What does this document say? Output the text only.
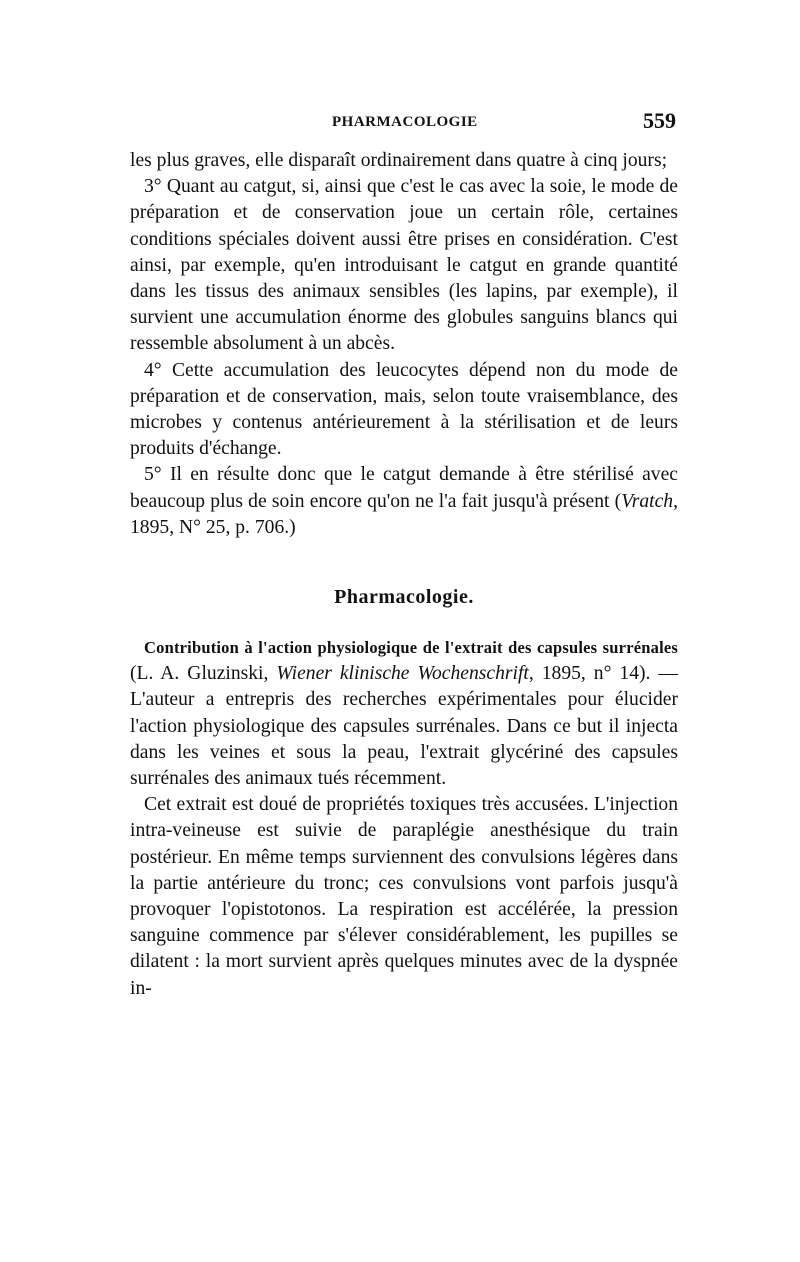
PHARMACOLOGIE	559

les plus graves, elle disparaît ordinairement dans quatre à cinq jours;

3° Quant au catgut, si, ainsi que c'est le cas avec la soie, le mode de préparation et de conservation joue un certain rôle, certaines conditions spéciales doivent aussi être prises en considération. C'est ainsi, par exemple, qu'en introduisant le catgut en grande quantité dans les tissus des animaux sensibles (les lapins, par exemple), il survient une accumulation énorme des globules sanguins blancs qui ressemble absolument à un abcès.

4° Cette accumulation des leucocytes dépend non du mode de préparation et de conservation, mais, selon toute vraisemblance, des microbes y contenus antérieurement à la stérilisation et de leurs produits d'échange.

5° Il en résulte donc que le catgut demande à être stérilisé avec beaucoup plus de soin encore qu'on ne l'a fait jusqu'à présent (Vratch, 1895, N° 25, p. 706.)

Pharmacologie.

Contribution à l'action physiologique de l'extrait des capsules surrénales (L. A. Gluzinski, Wiener klinische Wochenschrift, 1895, n° 14). — L'auteur a entrepris des recherches expérimentales pour élucider l'action physiologique des capsules surrénales. Dans ce but il injecta dans les veines et sous la peau, l'extrait glycériné des capsules surrénales des animaux tués récemment.

Cet extrait est doué de propriétés toxiques très accusées. L'injection intra-veineuse est suivie de paraplégie anesthésique du train postérieur. En même temps surviennent des convulsions légères dans la partie antérieure du tronc; ces convulsions vont parfois jusqu'à provoquer l'opistotonos. La respiration est accélérée, la pression sanguine commence par s'élever considérablement, les pupilles se dilatent : la mort survient après quelques minutes avec de la dyspnée in-
